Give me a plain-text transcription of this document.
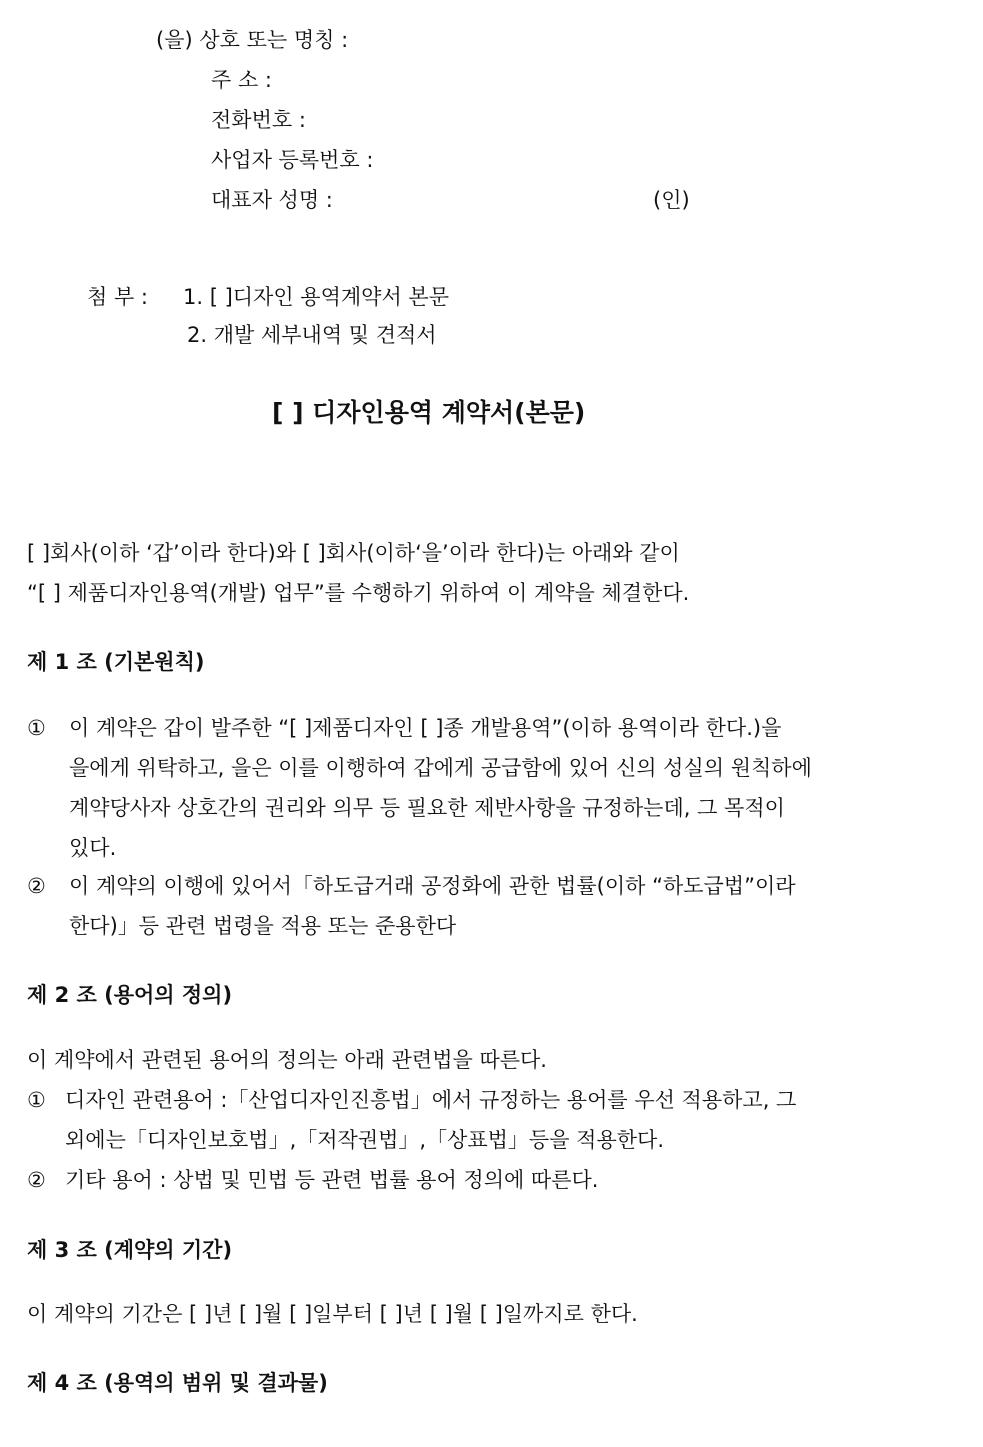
(을) 상호 또는 명칭 :
주 소 :
전화번호 :
사업자 등록번호 :
대표자 성명 :	(인)
첨 부 : 1. [ ]디자인 용역계약서 본문
2. 개발 세부내역 및 견적서
[ ] 디자인용역 계약서(본문)
[ ]회사(이하 ‘갑’이라 한다)와 [ ]회사(이하‘을’이라 한다)는 아래와 같이
“[ ] 제품디자인용역(개발) 업무”를 수행하기 위하여 이 계약을 체결한다.
제 1 조 (기본원칙)
① 이 계약은 갑이 발주한 “[ ]제품디자인 [ ]종 개발용역”(이하 용역이라 한다.)을
을에게 위탁하고, 을은 이를 이행하여 갑에게 공급함에 있어 신의 성실의 원칙하에
계약당사자 상호간의 권리와 의무 등 필요한 제반사항을 규정하는데, 그 목적이
있다.
② 이 계약의 이행에 있어서「하도급거래 공정화에 관한 법률(이하 “하도급법”이라
한다)」등 관련 법령을 적용 또는 준용한다
제 2 조 (용어의 정의)
이 계약에서 관련된 용어의 정의는 아래 관련법을 따른다.
① 디자인 관련용어 :「산업디자인진흥법」에서 규정하는 용어를 우선 적용하고, 그
외에는「디자인보호법」,「저작권법」,「상표법」등을 적용한다.
② 기타 용어 : 상법 및 민법 등 관련 법률 용어 정의에 따른다.
제 3 조 (계약의 기간)
이 계약의 기간은 [ ]년 [ ]월 [ ]일부터 [ ]년 [ ]월 [ ]일까지로 한다.
제 4 조 (용역의 범위 및 결과물)
